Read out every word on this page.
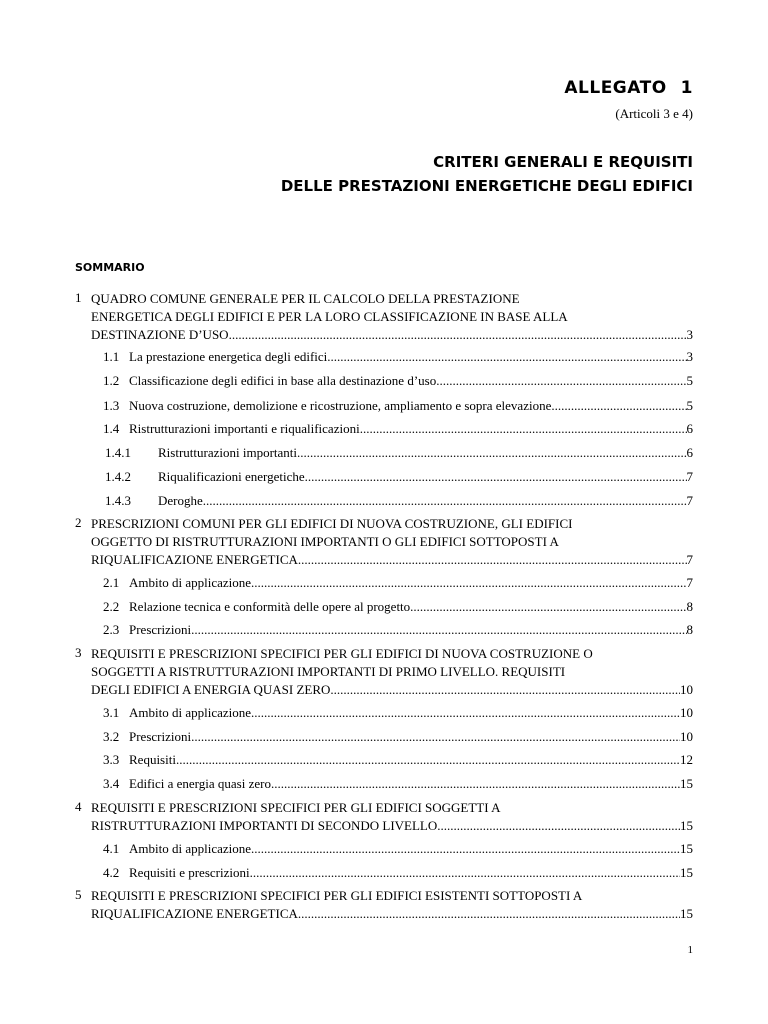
ALLEGATO 1
(Articoli 3 e 4)
CRITERI GENERALI E REQUISITI
DELLE PRESTAZIONI ENERGETICHE DEGLI EDIFICI
SOMMARIO
1 QUADRO COMUNE GENERALE PER IL CALCOLO DELLA PRESTAZIONE
ENERGETICA DEGLI EDIFICI E PER LA LORO CLASSIFICAZIONE IN BASE ALLA
DESTINAZIONE D’USO .....	3
1.1 La prestazione energetica degli edifici .....	3
1.2 Classificazione degli edifici in base alla destinazione d’uso .....	5
1.3 Nuova costruzione, demolizione e ricostruzione, ampliamento e sopra elevazione .....	5
1.4 Ristrutturazioni importanti e riqualificazioni .....	6
1.4.1	Ristrutturazioni importanti .....	6
1.4.2	Riqualificazioni energetiche .....	7
1.4.3	Deroghe .....	7
2 PRESCRIZIONI COMUNI PER GLI EDIFICI DI NUOVA COSTRUZIONE, GLI EDIFICI
OGGETTO DI RISTRUTTURAZIONI IMPORTANTI O GLI EDIFICI SOTTOPOSTI A
RIQUALIFICAZIONE ENERGETICA .....	7
2.1 Ambito di applicazione .....	7
2.2 Relazione tecnica e conformità delle opere al progetto .....	8
2.3 Prescrizioni .....	8
3 REQUISITI E PRESCRIZIONI SPECIFICI PER GLI EDIFICI DI NUOVA COSTRUZIONE O
SOGGETTI A RISTRUTTURAZIONI IMPORTANTI DI PRIMO LIVELLO. REQUISITI
DEGLI EDIFICI A ENERGIA QUASI ZERO. .....	10
3.1 Ambito di applicazione .....	10
3.2 Prescrizioni .....	10
3.3 Requisiti .....	12
3.4 Edifici a energia quasi zero .....	15
4 REQUISITI E PRESCRIZIONI SPECIFICI PER GLI EDIFICI SOGGETTI A
RISTRUTTURAZIONI IMPORTANTI DI SECONDO LIVELLO .....	15
4.1 Ambito di applicazione .....	15
4.2 Requisiti e prescrizioni .....	15
5 REQUISITI E PRESCRIZIONI SPECIFICI PER GLI EDIFICI ESISTENTI SOTTOPOSTI A
RIQUALIFICAZIONE ENERGETICA .....	15
1
